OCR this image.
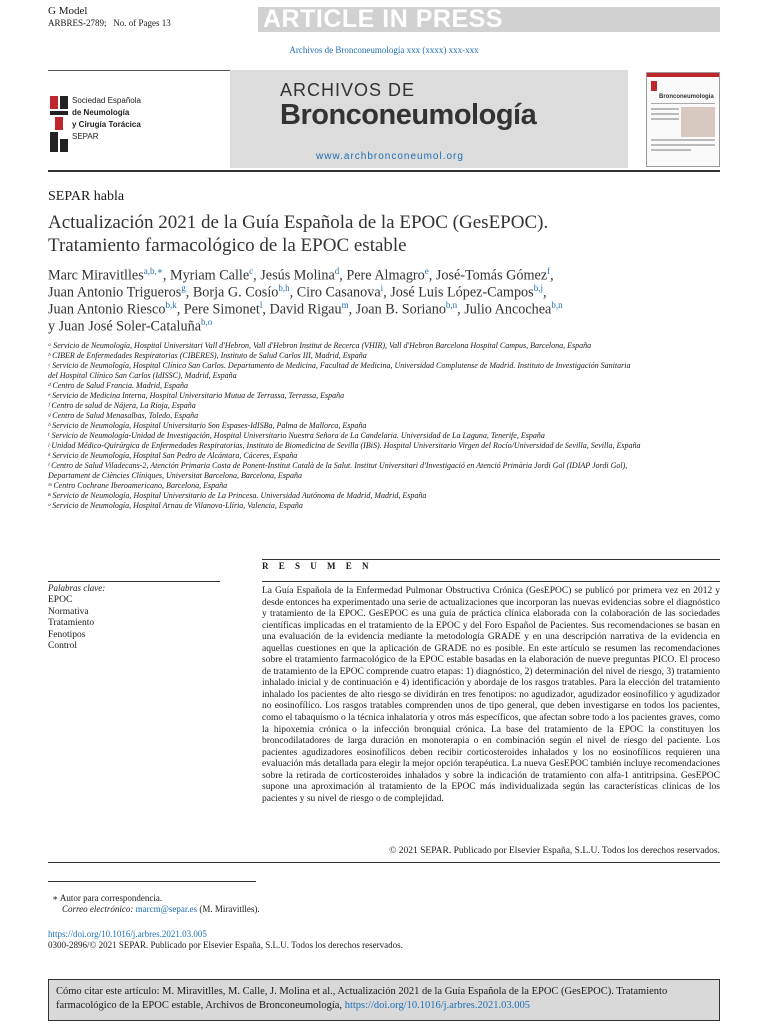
G Model
ARBRES-2789; No. of Pages 13	ARTICLE IN PRESS
Archivos de Bronconeumología xxx (xxxx) xxx-xxx
Sociedad Española
de Neumología
y Cirugía Torácica
SEPAR
ARCHIVOS DE
Bronconeumología
www.archbronconeumol.org
Bronconeumología
SEPAR habla
Actualización 2021 de la Guía Española de la EPOC (GesEPOC).
Tratamiento farmacológico de la EPOC estable
Marc Miravitlles$^{a,b,∗}$, Myriam Calle$^c$, Jesús Molina$^d$, Pere Almagro$^e$, José-Tomás Gómez$^f$,
Juan Antonio Trigueros$^g$, Borja G. Cosío$^{b,h}$, Ciro Casanova$^i$, José Luis López-Campos$^{b,j}$,
Juan Antonio Riesco$^{b,k}$, Pere Simonet$^l$, David Rigau$^m$, Joan B. Soriano$^{b,n}$, Julio Ancochea$^{b,n}$
y Juan José Soler-Cataluña$^{b,o}$
ᵃ Servicio de Neumología, Hospital Universitari Vall d'Hebron, Vall d'Hebron Institut de Recerca (VHIR), Vall d'Hebron Barcelona Hospital Campus, Barcelona, España
ᵇ CIBER de Enfermedades Respiratorias (CIBERES), Instituto de Salud Carlos III, Madrid, España
ᶜ Servicio de Neumología, Hospital Clínico San Carlos. Departamento de Medicina, Facultad de Medicina, Universidad Complutense de Madrid. Instituto de Investigación Sanitaria
del Hospital Clínico San Carlos (IdISSC), Madrid, España
ᵈ Centro de Salud Francia. Madrid, España
ᵉ Servicio de Medicina Interna, Hospital Universitario Mutua de Terrassa, Terrassa, España
ᶠ Centro de salud de Nájera, La Rioja, España
ᵍ Centro de Salud Menasalbas, Toledo, España
ʰ Servicio de Neumología, Hospital Universitario Son Espases-IdISBa, Palma de Mallorca, España
ⁱ Servicio de Neumología-Unidad de Investigación, Hospital Universitario Nuestra Señora de La Candelaria. Universidad de La Laguna, Tenerife, España
ʲ Unidad Médico-Quirúrgica de Enfermedades Respiratorias, Instituto de Biomedicina de Sevilla (IBiS). Hospital Universitario Virgen del Rocío/Universidad de Sevilla, Sevilla, España
ᵏ Servicio de Neumología, Hospital San Pedro de Alcántara, Cáceres, España
ˡ Centro de Salud Viladecans-2, Atención Primaria Costa de Ponent-Institut Català de la Salut. Institut Universitari d'Investigació en Atenció Primària Jordi Gol (IDIAP Jordi Gol),
Departament de Ciències Clíniques, Universitat Barcelona, Barcelona, España
ᵐ Centro Cochrane Iberoamericano, Barcelona, España
ⁿ Servicio de Neumología, Hospital Universitario de La Princesa. Universidad Autónoma de Madrid, Madrid, España
ᵒ Servicio de Neumología, Hospital Arnau de Vilanova-Llíria, Valencia, España
R E S U M E N
Palabras clave:
EPOC
Normativa
Tratamiento
Fenotipos
Control
La Guía Española de la Enfermedad Pulmonar Obstructiva Crónica (GesEPOC) se publicó por primera vez en 2012 y desde entonces ha experimentado una serie de actualizaciones que incorporan las nuevas evidencias sobre el diagnóstico y tratamiento de la EPOC. GesEPOC es una guía de práctica clínica elaborada con la colaboración de las sociedades científicas implicadas en el tratamiento de la EPOC y del Foro Español de Pacientes. Sus recomendaciones se basan en una evaluación de la evidencia mediante la metodología GRADE y en una descripción narrativa de la evidencia en aquellas cuestiones en que la aplicación de GRADE no es posible. En este artículo se resumen las recomendaciones sobre el tratamiento farmacológico de la EPOC estable basadas en la elaboración de nueve preguntas PICO. El proceso de tratamiento de la EPOC comprende cuatro etapas: 1) diagnóstico, 2) determinación del nivel de riesgo, 3) tratamiento inhalado inicial y de continuación e 4) identificación y abordaje de los rasgos tratables. Para la elección del tratamiento inhalado los pacientes de alto riesgo se dividirán en tres fenotipos: no agudizador, agudizador eosinofílico y agudizador no eosinofílico. Los rasgos tratables comprenden unos de tipo general, que deben investigarse en todos los pacientes, como el tabaquismo o la técnica inhalatoria y otros más específicos, que afectan sobre todo a los pacientes graves, como la hipoxemia crónica o la infección bronquial crónica. La base del tratamiento de la EPOC la constituyen los broncodilatadores de larga duración en monoterapia o en combinación según el nivel de riesgo del paciente. Los pacientes agudizadores eosinofílicos deben recibir corticosteroides inhalados y los no eosinofílicos requieren una evaluación más detallada para elegir la mejor opción terapéutica. La nueva GesEPOC también incluye recomendaciones sobre la retirada de corticosteroides inhalados y sobre la indicación de tratamiento con alfa-1 antitripsina. GesEPOC supone una aproximación al tratamiento de la EPOC más individualizada según las características clínicas de los pacientes y su nivel de riesgo o de complejidad.
© 2021 SEPAR. Publicado por Elsevier España, S.L.U. Todos los derechos reservados.
∗ Autor para correspondencia.
Correo electrónico: marcm@separ.es (M. Miravitlles).
https://doi.org/10.1016/j.arbres.2021.03.005
0300-2896/© 2021 SEPAR. Publicado por Elsevier España, S.L.U. Todos los derechos reservados.
Cómo citar este artículo: M. Miravitlles, M. Calle, J. Molina et al., Actualización 2021 de la Guía Española de la EPOC (GesEPOC). Tratamiento farmacológico de la EPOC estable, Archivos de Bronconeumología, https://doi.org/10.1016/j.arbres.2021.03.005
